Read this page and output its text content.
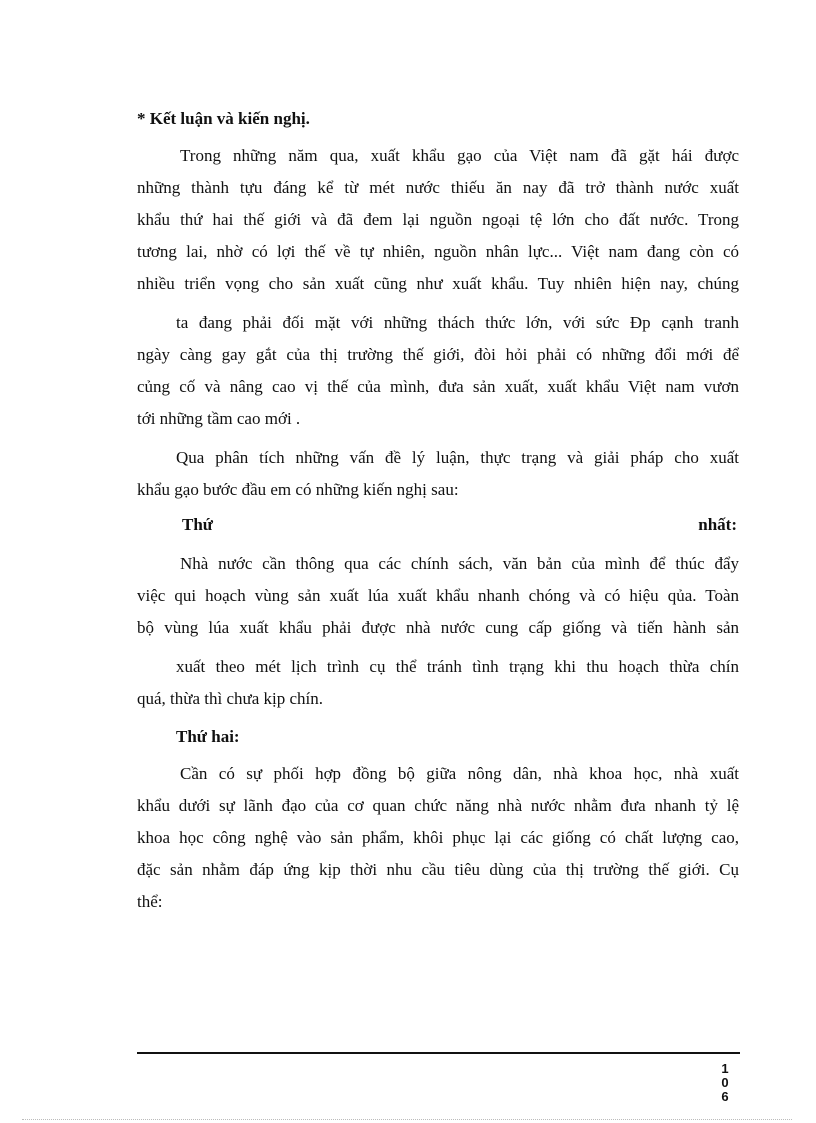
* Kết luận và kiến nghị.

Trong những năm qua, xuất khẩu gạo của Việt nam đã gặt hái được
những thành tựu đáng kể từ mét nước thiếu ăn nay đã trở thành nước xuất
khẩu thứ hai thế giới và đã đem lại nguồn ngoại tệ lớn cho đất nước. Trong
tương lai, nhờ có lợi thế về tự nhiên, nguồn nhân lực... Việt nam đang còn có
nhiều triển vọng cho sản xuất cũng như xuất khẩu. Tuy nhiên hiện nay, chúng
ta đang phải đối mặt với những thách thức lớn, với sức Ðp cạnh tranh
ngày càng gay gắt của thị trường thế giới, đòi hỏi phải có những đổi mới để
củng cố và nâng cao vị thế của mình, đưa sản xuất, xuất khẩu Việt nam vươn
tới những tầm cao mới .
Qua phân tích những vấn đề lý luận, thực trạng và giải pháp cho xuất
khẩu gạo bước đầu em có những kiến nghị sau:
Thứ	nhất:
Nhà nước cần thông qua các chính sách, văn bản của mình để thúc đẩy
việc qui hoạch vùng sản xuất lúa xuất khẩu nhanh chóng và có hiệu qủa. Toàn
bộ vùng lúa xuất khẩu phải được nhà nước cung cấp giống và tiến hành sản
xuất theo mét lịch trình cụ thể tránh tình trạng khi thu hoạch thừa chín
quá, thừa thì chưa kịp chín.
Thứ hai:
Cần có sự phối hợp đồng bộ giữa nông dân, nhà khoa học, nhà xuất
khẩu dưới sự lãnh đạo của cơ quan chức năng nhà nước nhằm đưa nhanh tỷ lệ
khoa học công nghệ vào sản phẩm, khôi phục lại các giống có chất lượng cao,
đặc sản nhằm đáp ứng kịp thời nhu cầu tiêu dùng của thị trường thế giới. Cụ
thể:
1
0
6
